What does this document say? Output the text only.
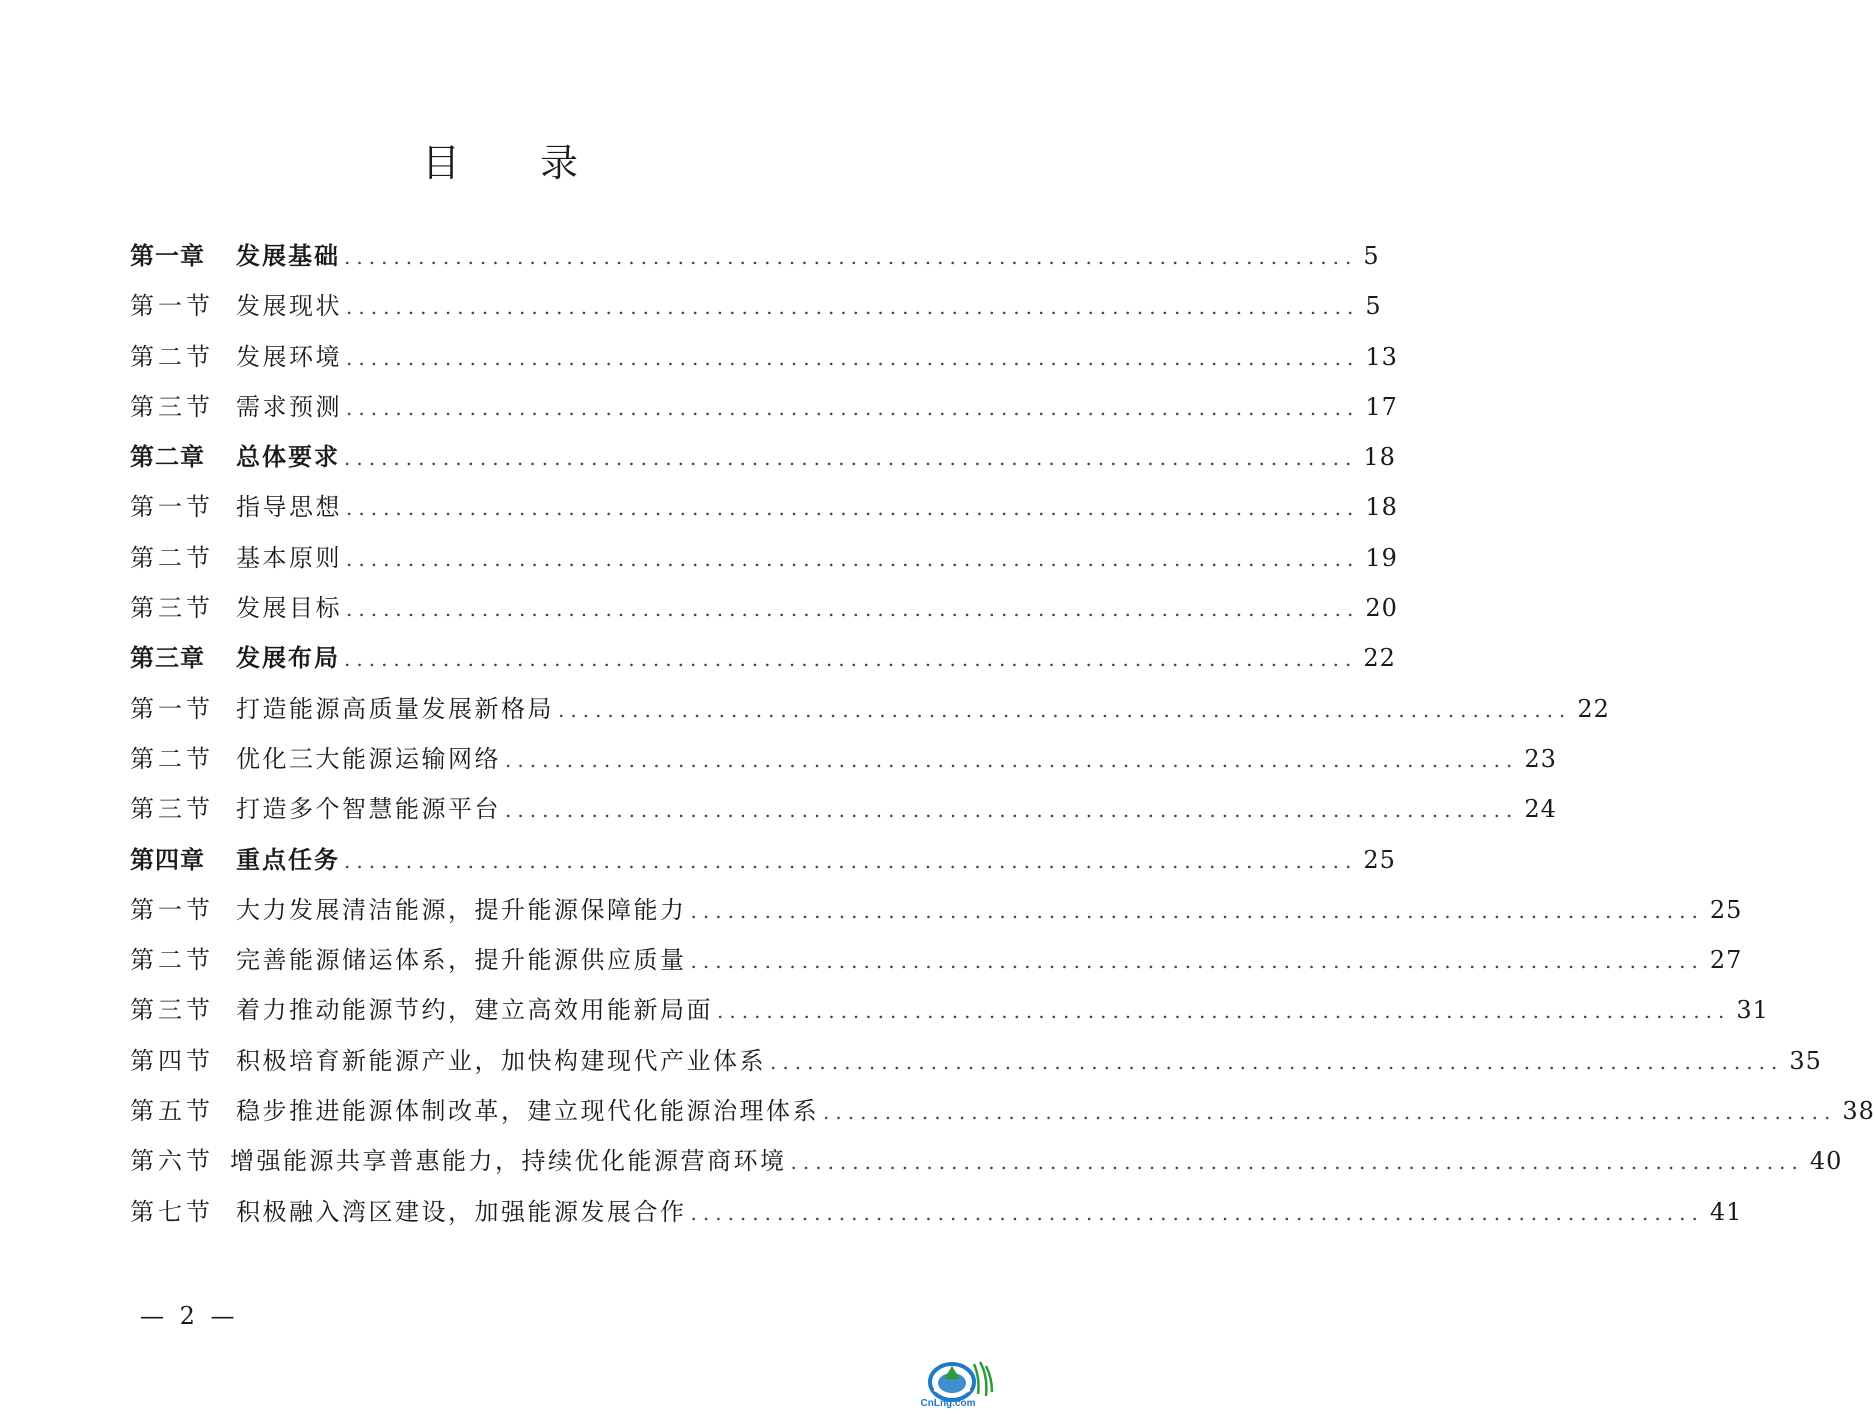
目 录
第一章	发展基础 .................................................................................. 5
第一节 发展现状 .................................................................................. 5
第二节 发展环境 .................................................................................. 13
第三节 需求预测 .................................................................................. 17
第二章	总体要求 .................................................................................. 18
第一节 指导思想 .................................................................................. 18
第二节 基本原则 .................................................................................. 19
第三节 发展目标 .................................................................................. 20
第三章	发展布局 .................................................................................. 22
第一节 打造能源高质量发展新格局 .................................................................................. 22
第二节 优化三大能源运输网络 .................................................................................. 23
第三节 打造多个智慧能源平台 .................................................................................. 24
第四章	重点任务 .................................................................................. 25
第一节 大力发展清洁能源，提升能源保障能力 .................................................................................. 25
第二节 完善能源储运体系，提升能源供应质量 .................................................................................. 27
第三节 着力推动能源节约，建立高效用能新局面 .................................................................................. 31
第四节 积极培育新能源产业，加快构建现代产业体系 .................................................................................. 35
第五节 稳步推进能源体制改革，建立现代化能源治理体系 .................................................................................. 38
第六节 增强能源共享普惠能力，持续优化能源营商环境 .................................................................................. 40
第七节 积极融入湾区建设，加强能源发展合作 .................................................................................. 41
— 2 —
CnLng.com
